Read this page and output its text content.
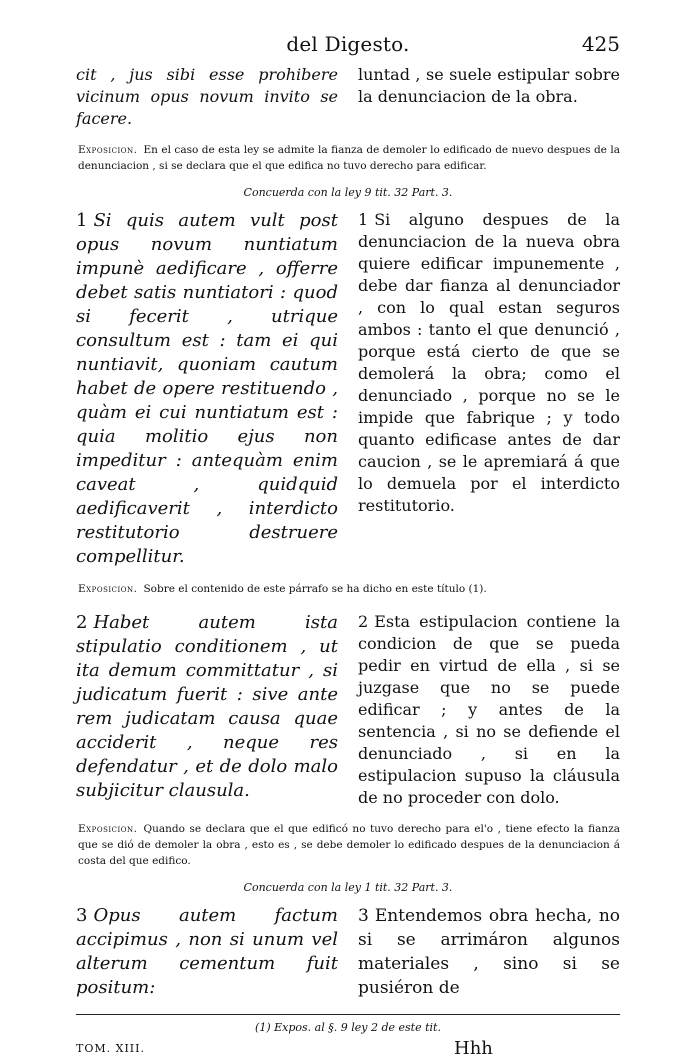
del Digesto.	425
cit , jus sibi esse prohibere vicinum opus novum invito se facere.
luntad , se suele estipular sobre la denunciacion de la obra.
Exposicion. En el caso de esta ley se admite la fianza de demoler lo edificado de nuevo despues de la denunciacion , si se declara que el que edifica no tuvo derecho para edificar.
Concuerda con la ley 9 tit. 32 Part. 3.
1 Si quis autem vult post opus novum nuntiatum impunè aedificare , offerre debet satis nuntiatori : quod si fecerit , utrique consultum est : tam ei qui nuntiavit, quoniam cautum habet de opere restituendo , quàm ei cui nuntiatum est : quia molitio ejus non impeditur : antequàm enim caveat , quidquid aedificaverit , interdicto restitutorio destruere compellitur.
1 Si alguno despues de la denunciacion de la nueva obra quiere edificar impunemente , debe dar fianza al denunciador , con lo qual estan seguros ambos : tanto el que denunció , porque está cierto de que se demolerá la obra; como el denunciado , porque no se le impide que fabrique ; y todo quanto edificase antes de dar caucion , se le apremiará á que lo demuela por el interdicto restitutorio.
Exposicion. Sobre el contenido de este párrafo se ha dicho en este título (1).
2 Habet autem ista stipulatio conditionem , ut ita demum committatur , si judicatum fuerit : sive ante rem judicatam causa quae acciderit , neque res defendatur , et de dolo malo subjicitur clausula.
2 Esta estipulacion contiene la condicion de que se pueda pedir en virtud de ella , si se juzgase que no se puede edificar ; y antes de la sentencia , si no se defiende el denunciado , si en la estipulacion supuso la cláusula de no proceder con dolo.
Exposicion. Quando se declara que el que edificó no tuvo derecho para el'o , tiene efecto la fianza que se dió de demoler la obra , esto es , se debe demoler lo edificado despues de la denunciacion á costa del que edifico.
Concuerda con la ley 1 tit. 32 Part. 3.
3 Opus autem factum accipimus , non si unum vel alterum cementum fuit positum:
3 Entendemos obra hecha, no si se arrimáron algunos materiales , sino si se pusiéron de
(1) Expos. al §. 9 ley 2 de este tit.
TOM. XIII.	Hhh
